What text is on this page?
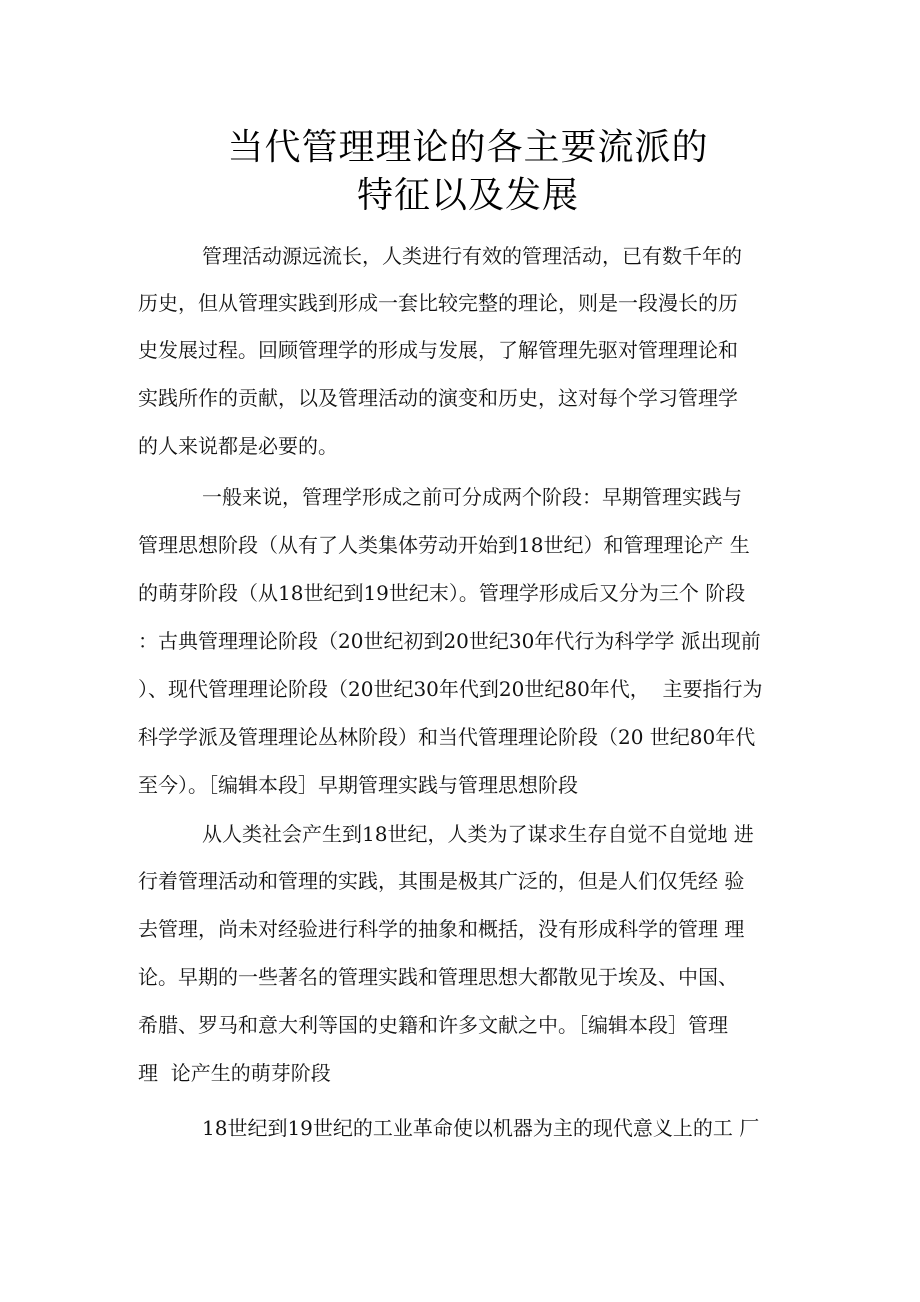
当代管理理论的各主要流派的
特征以及发展
管理活动源远流长，人类进行有效的管理活动，已有数千年的
历史，但从管理实践到形成一套比较完整的理论，则是一段漫长的历
史发展过程。回顾管理学的形成与发展，了解管理先驱对管理理论和
实践所作的贡献，以及管理活动的演变和历史，这对每个学习管理学
的人来说都是必要的。
一般来说，管理学形成之前可分成两个阶段：早期管理实践与
管理思想阶段（从有了人类集体劳动开始到18世纪）和管理理论产 生
的萌芽阶段（从18世纪到19世纪末）。管理学形成后又分为三个 阶段
：古典管理理论阶段（20世纪初到20世纪30年代行为科学学 派出现前
）、现代管理理论阶段（20世纪30年代到20世纪80年代，  主要指行为
科学学派及管理理论丛林阶段）和当代管理理论阶段（20 世纪80年代
至今）。［编辑本段］早期管理实践与管理思想阶段
从人类社会产生到18世纪，人类为了谋求生存自觉不自觉地 进
行着管理活动和管理的实践，其围是极其广泛的，但是人们仅凭经 验
去管理，尚未对经验进行科学的抽象和概括，没有形成科学的管理 理
论。早期的一些著名的管理实践和管理思想大都散见于埃及、中国、
希腊、罗马和意大利等国的史籍和许多文献之中。［编辑本段］管理
理  论产生的萌芽阶段
18世纪到19世纪的工业革命使以机器为主的现代意义上的工 厂
